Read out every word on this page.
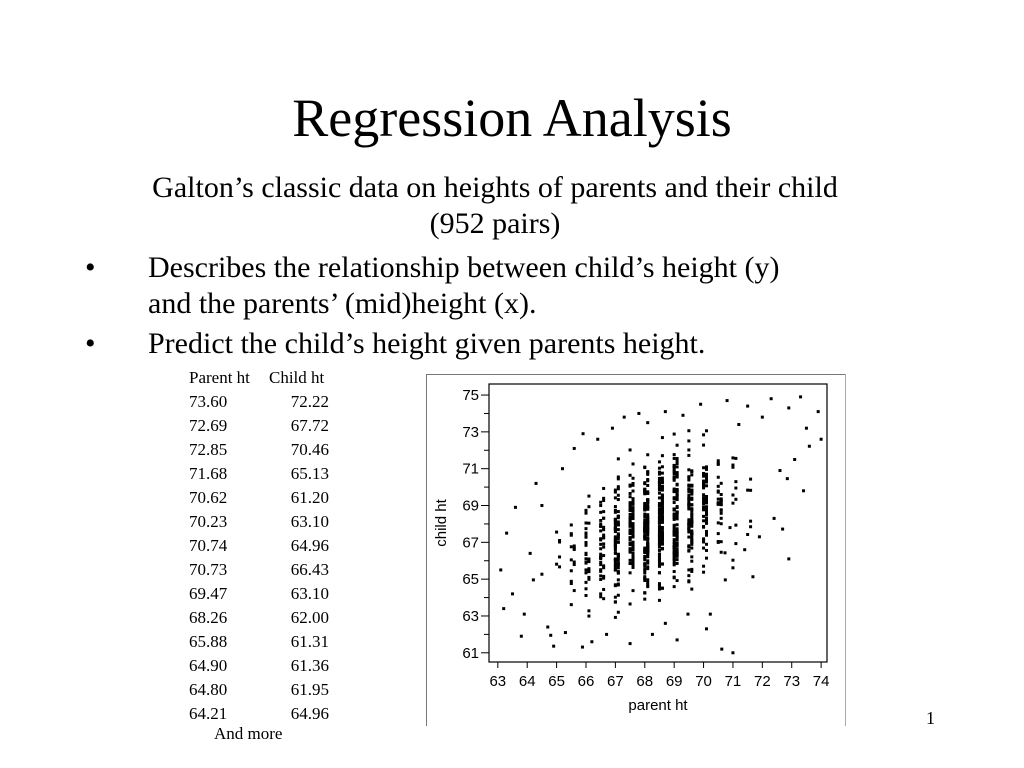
Regression Analysis
Galton’s classic data on heights of parents and their child
(952 pairs)
• Describes the relationship between child’s height (y)
and the parents’ (mid)height (x).
• Predict the child’s height given parents height.
Parent ht	Child ht
73.60	72.22
72.69	67.72
72.85	70.46
71.68	65.13
70.62	61.20
70.23	63.10
70.74	64.96
70.73	66.43
69.47	63.10
68.26	62.00
65.88	61.31
64.90	61.36
64.80	61.95
64.21	64.96
And more
61
63
65
67
69
71
73
75
63 64 65 66 67 68 69 70 71 72 73 74
parent ht
child ht
1
